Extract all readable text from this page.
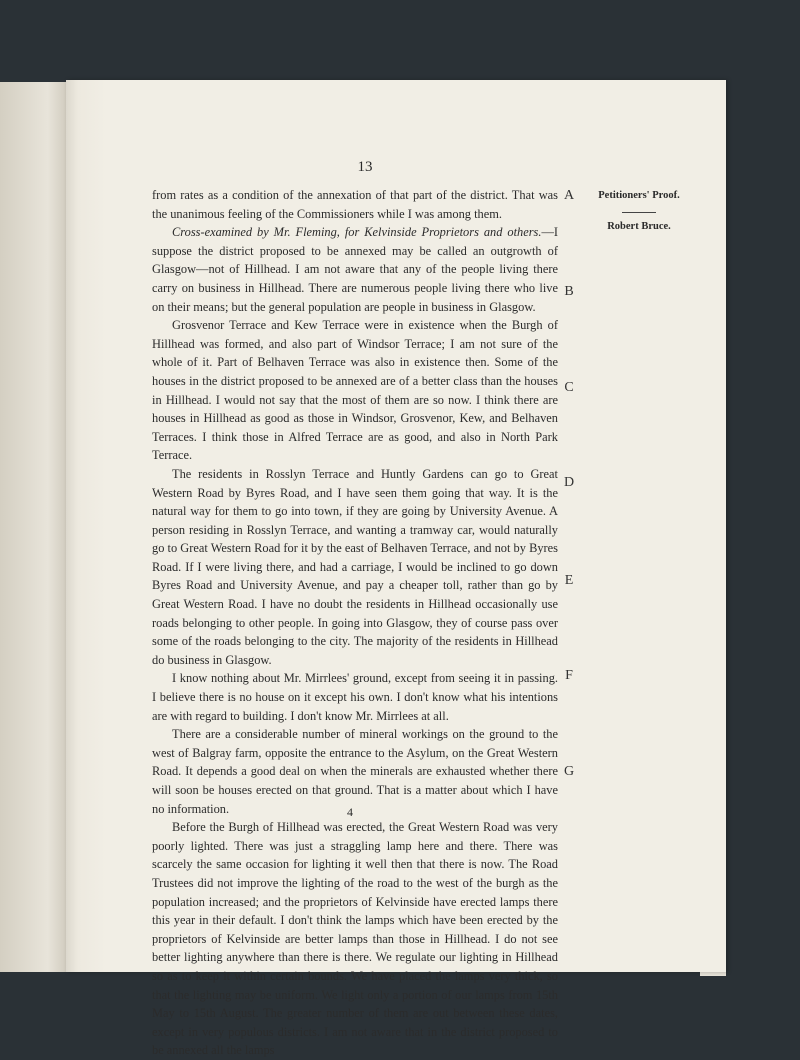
13
Petitioners' Proof.
Robert Bruce.
A
B
C
D
E
F
G

from rates as a condition of the annexation of that part of the district. That was the unanimous feeling of the Commissioners while I was among them.

Cross-examined by Mr. Fleming, for Kelvinside Proprietors and others.—I suppose the district proposed to be annexed may be called an outgrowth of Glasgow—not of Hillhead. I am not aware that any of the people living there carry on business in Hillhead. There are numerous people living there who live on their means; but the general population are people in business in Glasgow.

Grosvenor Terrace and Kew Terrace were in existence when the Burgh of Hillhead was formed, and also part of Windsor Terrace; I am not sure of the whole of it. Part of Belhaven Terrace was also in existence then. Some of the houses in the district proposed to be annexed are of a better class than the houses in Hillhead. I would not say that the most of them are so now. I think there are houses in Hillhead as good as those in Windsor, Grosvenor, Kew, and Belhaven Terraces. I think those in Alfred Terrace are as good, and also in North Park Terrace.

The residents in Rosslyn Terrace and Huntly Gardens can go to Great Western Road by Byres Road, and I have seen them going that way. It is the natural way for them to go into town, if they are going by University Avenue. A person residing in Rosslyn Terrace, and wanting a tramway car, would naturally go to Great Western Road for it by the east of Belhaven Terrace, and not by Byres Road. If I were living there, and had a carriage, I would be inclined to go down Byres Road and University Avenue, and pay a cheaper toll, rather than go by Great Western Road. I have no doubt the residents in Hillhead occasionally use roads belonging to other people. In going into Glasgow, they of course pass over some of the roads belonging to the city. The majority of the residents in Hillhead do business in Glasgow.

I know nothing about Mr. Mirrlees' ground, except from seeing it in passing. I believe there is no house on it except his own. I don't know what his intentions are with regard to building. I don't know Mr. Mirrlees at all.

There are a considerable number of mineral workings on the ground to the west of Balgray farm, opposite the entrance to the Asylum, on the Great Western Road. It depends a good deal on when the minerals are exhausted whether there will soon be houses erected on that ground. That is a matter about which I have no information.

Before the Burgh of Hillhead was erected, the Great Western Road was very poorly lighted. There was just a straggling lamp here and there. There was scarcely the same occasion for lighting it well then that there is now. The Road Trustees did not improve the lighting of the road to the west of the burgh as the population increased; and the proprietors of Kelvinside have erected lamps there this year in their default. I don't think the lamps which have been erected by the proprietors of Kelvinside are better lamps than those in Hillhead. I do not see better lighting anywhere than there is there. We regulate our lighting in Hillhead so as to keep it within certain bounds. We have placed the lamps very thick, so that the lighting may be uniform. We light only a portion of our lamps from 15th May to 15th August. The greater number of them are out between these dates, except in very populous districts. I am not aware that in the district proposed to be annexed all the lamps

4
